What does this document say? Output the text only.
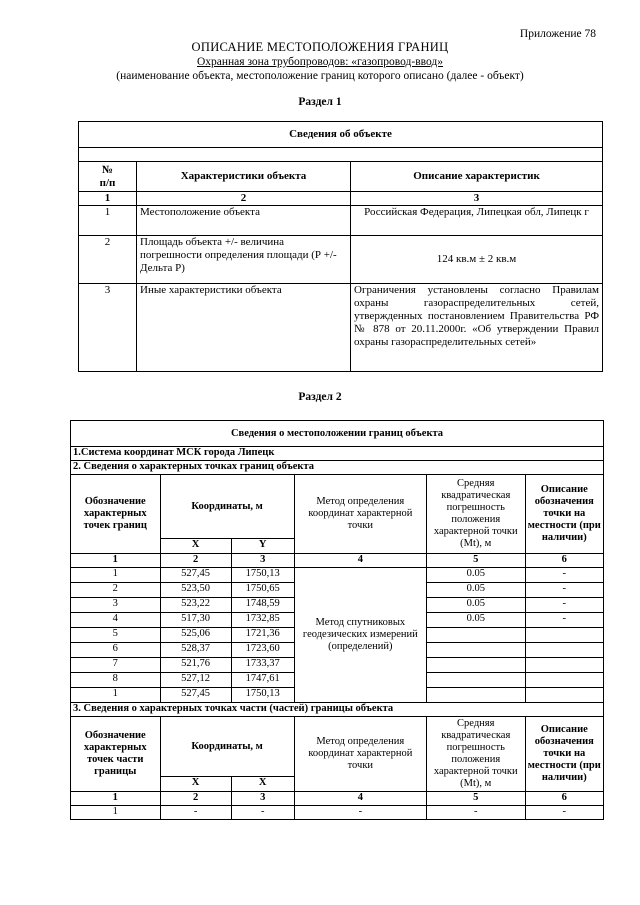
Приложение 78
ОПИСАНИЕ МЕСТОПОЛОЖЕНИЯ ГРАНИЦ
Охранная зона трубопроводов: «газопровод-ввод»
(наименование объекта, местоположение границ которого описано (далее - объект)
Раздел 1
Сведения об объекте		

№
п/п	Характеристики объекта	Описание характеристик
1	2	3
1	Местоположение объекта	Российская Федерация, Липецкая обл, Липецк г
2	Площадь объекта +/- величина погрешности определения площади (Р +/- Дельта Р)	124 кв.м ± 2 кв.м
3	Иные характеристики объекта	Ограничения установлены согласно Правилам охраны газораспределительных сетей, утвержденных постановлением Правительства РФ № 878 от 20.11.2000г. «Об утверждении Правил охраны газораспределительных сетей»
Раздел 2
Сведения о местоположении границ объекта					
1.Система координат МСК города Липецк					
2. Сведения о характерных точках границ объекта					
Обозначение характерных точек границ	Координаты, м		Метод определения координат характерной точки	Средняя квадратическая погрешность положения характерной точки (Mt), м	Описание обозначения точки на местности (при наличии)
	X	Y			
1	2	3	4	5	6
1	527,45	1750,13	Метод спутниковых геодезических измерений (определений)	0.05	-
2	523,50	1750,65		0.05	-
3	523,22	1748,59		0.05	-
4	517,30	1732,85		0.05	-
5	525,06	1721,36			
6	528,37	1723,60			
7	521,76	1733,37			
8	527,12	1747,61			
1	527,45	1750,13			
3. Сведения о характерных точках части (частей) границы объекта					
Обозначение характерных точек части границы	Координаты, м		Метод определения координат характерной точки	Средняя квадратическая погрешность положения характерной точки (Mt), м	Описание обозначения точки на местности (при наличии)
	X	X			
1	2	3	4	5	6
1	-	-	-	-	-
